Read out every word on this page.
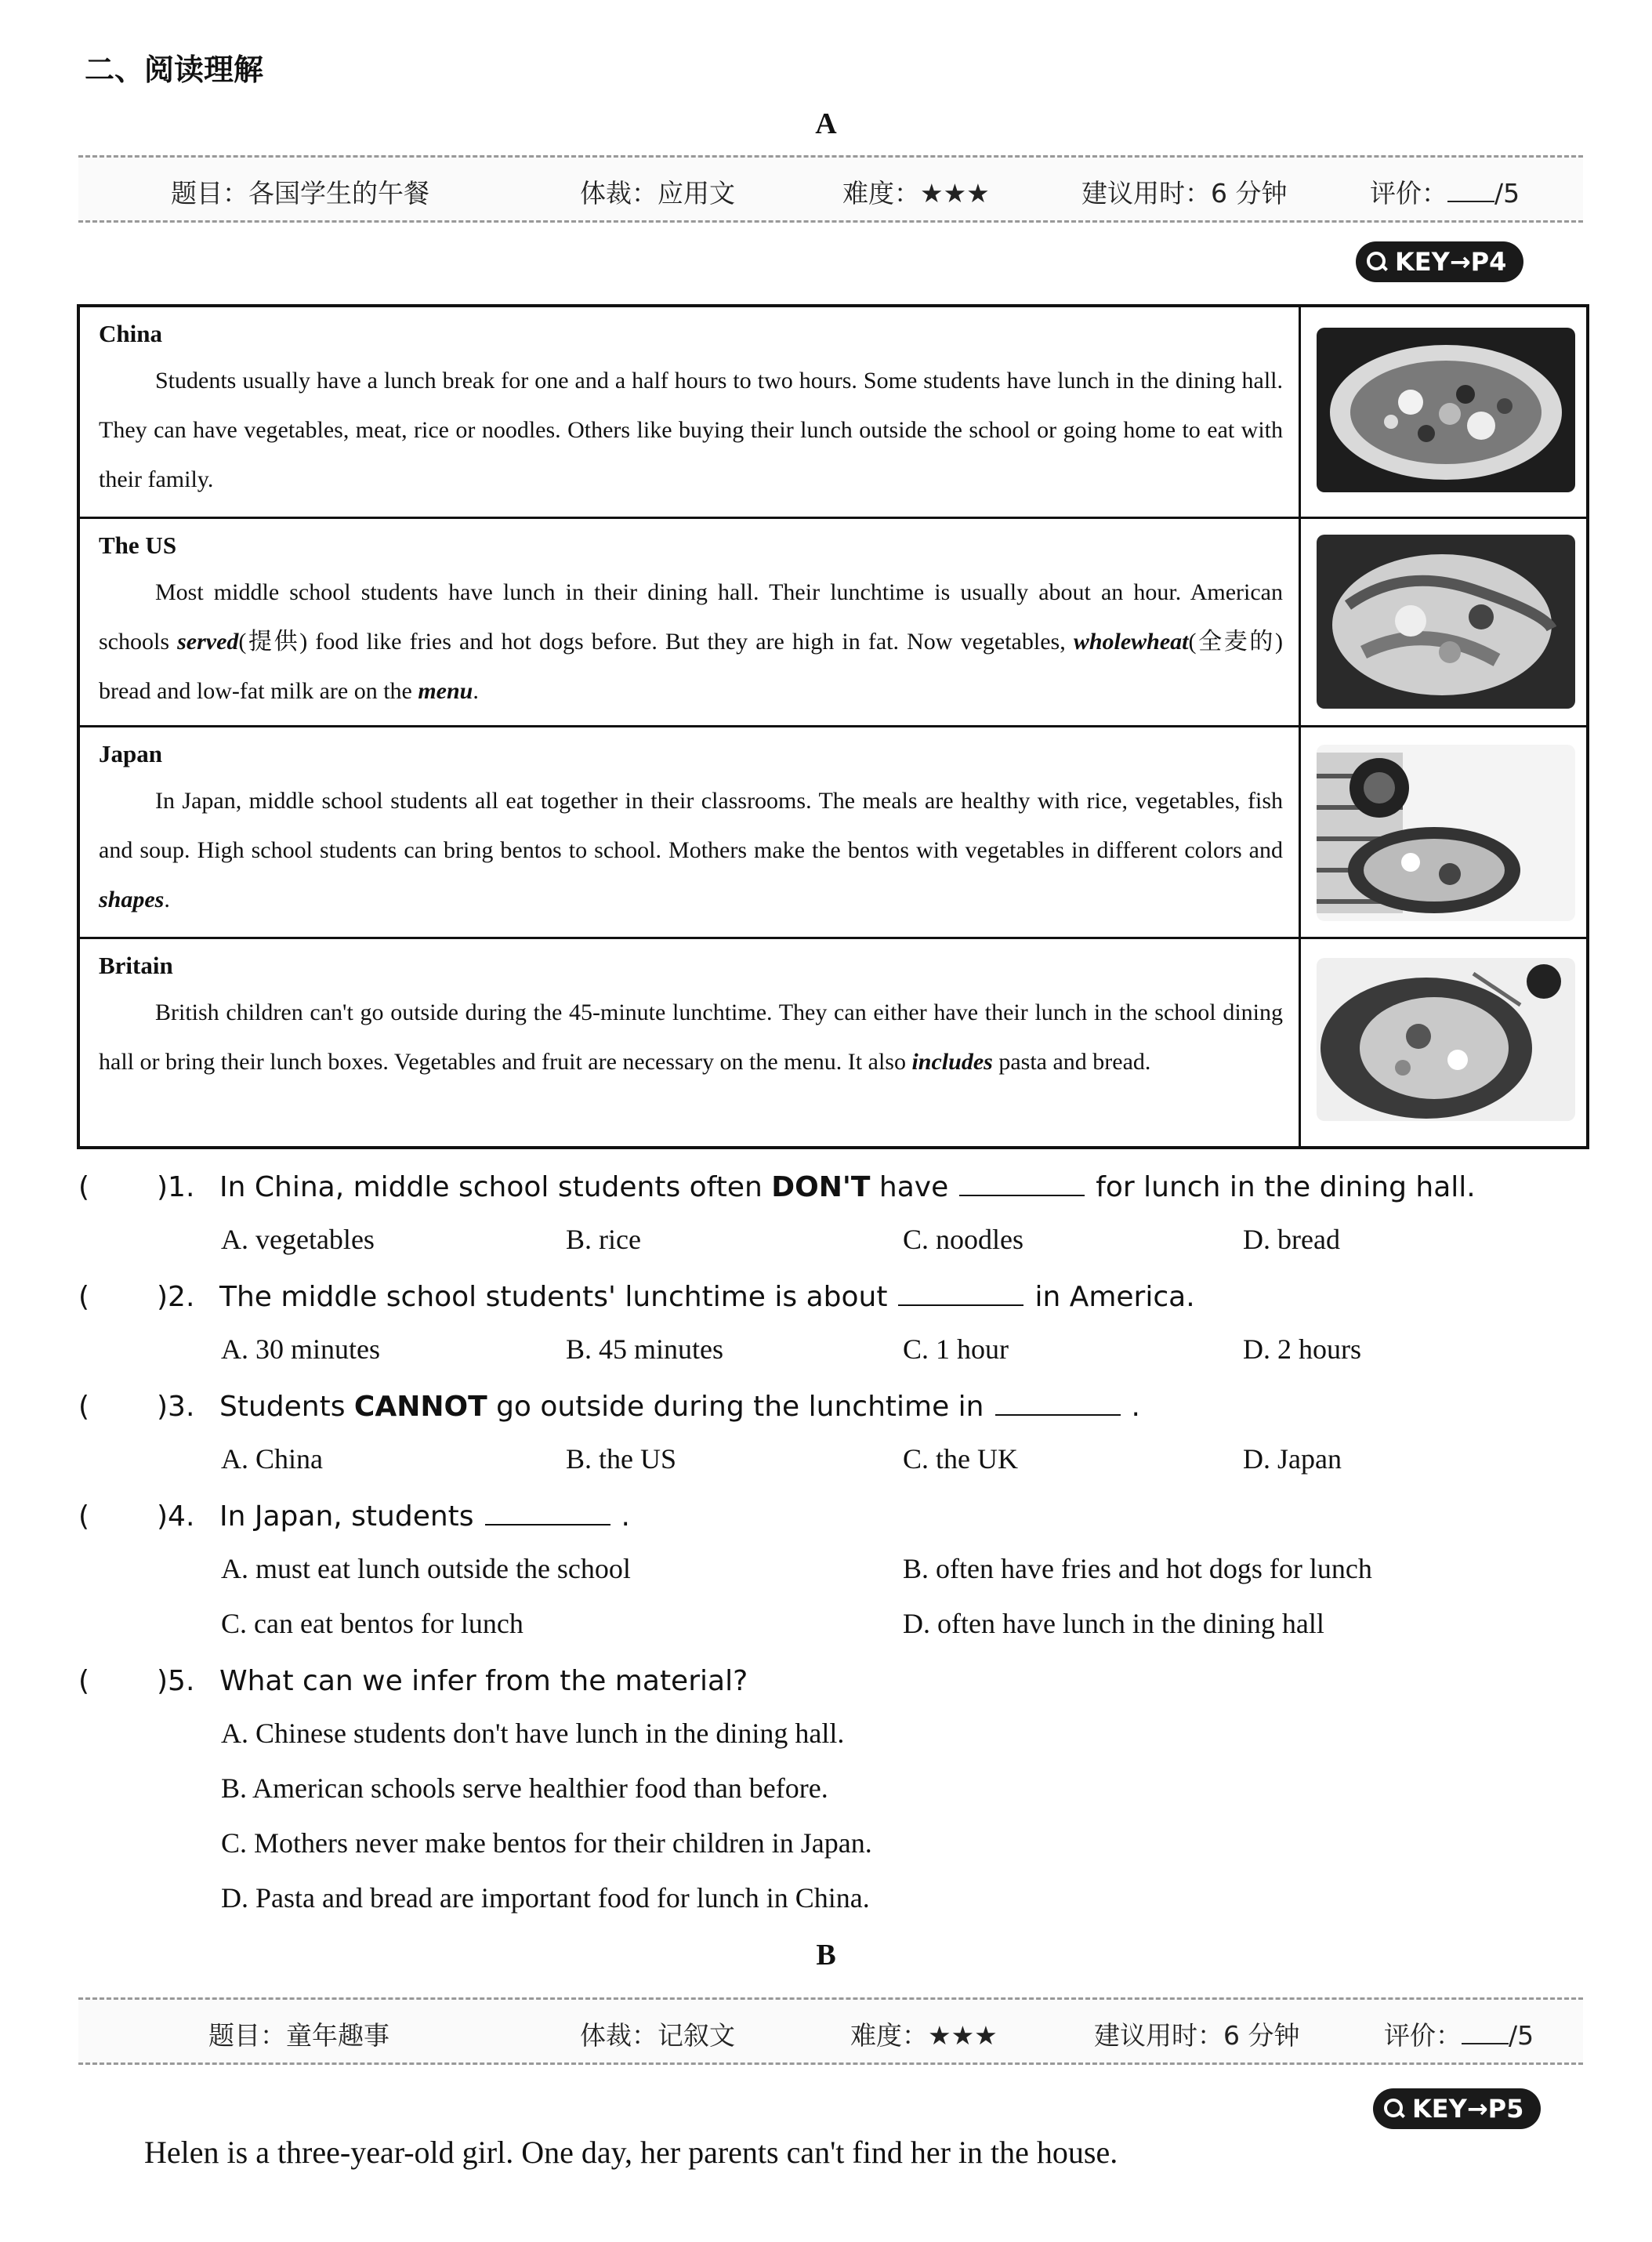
二、阅读理解
A
题目：各国学生的午餐	体裁：应用文	难度：★★★	建议用时：6 分钟	评价： /5
KEY→P4
China
Students usually have a lunch break for one and a half hours to two hours. Some students have lunch in the dining hall. They can have vegetables, meat, rice or noodles. Others like buying their lunch outside the school or going home to eat with their family.
The US
Most middle school students have lunch in their dining hall. Their lunchtime is usually about an hour. American schools served(提供) food like fries and hot dogs before. But they are high in fat. Now vegetables, wholewheat(全麦的) bread and low-fat milk are on the menu.
Japan
In Japan, middle school students all eat together in their classrooms. The meals are healthy with rice, vegetables, fish and soup. High school students can bring bentos to school. Mothers make the bentos with vegetables in different colors and shapes.
Britain
British children can't go outside during the 45-minute lunchtime. They can either have their lunch in the school dining hall or bring their lunch boxes. Vegetables and fruit are necessary on the menu. It also includes pasta and bread.
( )1. In China, middle school students often DON'T have	for lunch in the dining hall.
A. vegetables	B. rice	C. noodles	D. bread
( )2. The middle school students' lunchtime is about	in America.
A. 30 minutes	B. 45 minutes	C. 1 hour	D. 2 hours
( )3. Students CANNOT go outside during the lunchtime in	.
A. China	B. the US	C. the UK	D. Japan
( )4. In Japan, students	.
A. must eat lunch outside the school	B. often have fries and hot dogs for lunch
C. can eat bentos for lunch	D. often have lunch in the dining hall
( )5. What can we infer from the material?
A. Chinese students don't have lunch in the dining hall.
B. American schools serve healthier food than before.
C. Mothers never make bentos for their children in Japan.
D. Pasta and bread are important food for lunch in China.
B
题目：童年趣事	体裁：记叙文	难度：★★★	建议用时：6 分钟	评价： /5
KEY→P5
Helen is a three-year-old girl. One day, her parents can't find her in the house.
